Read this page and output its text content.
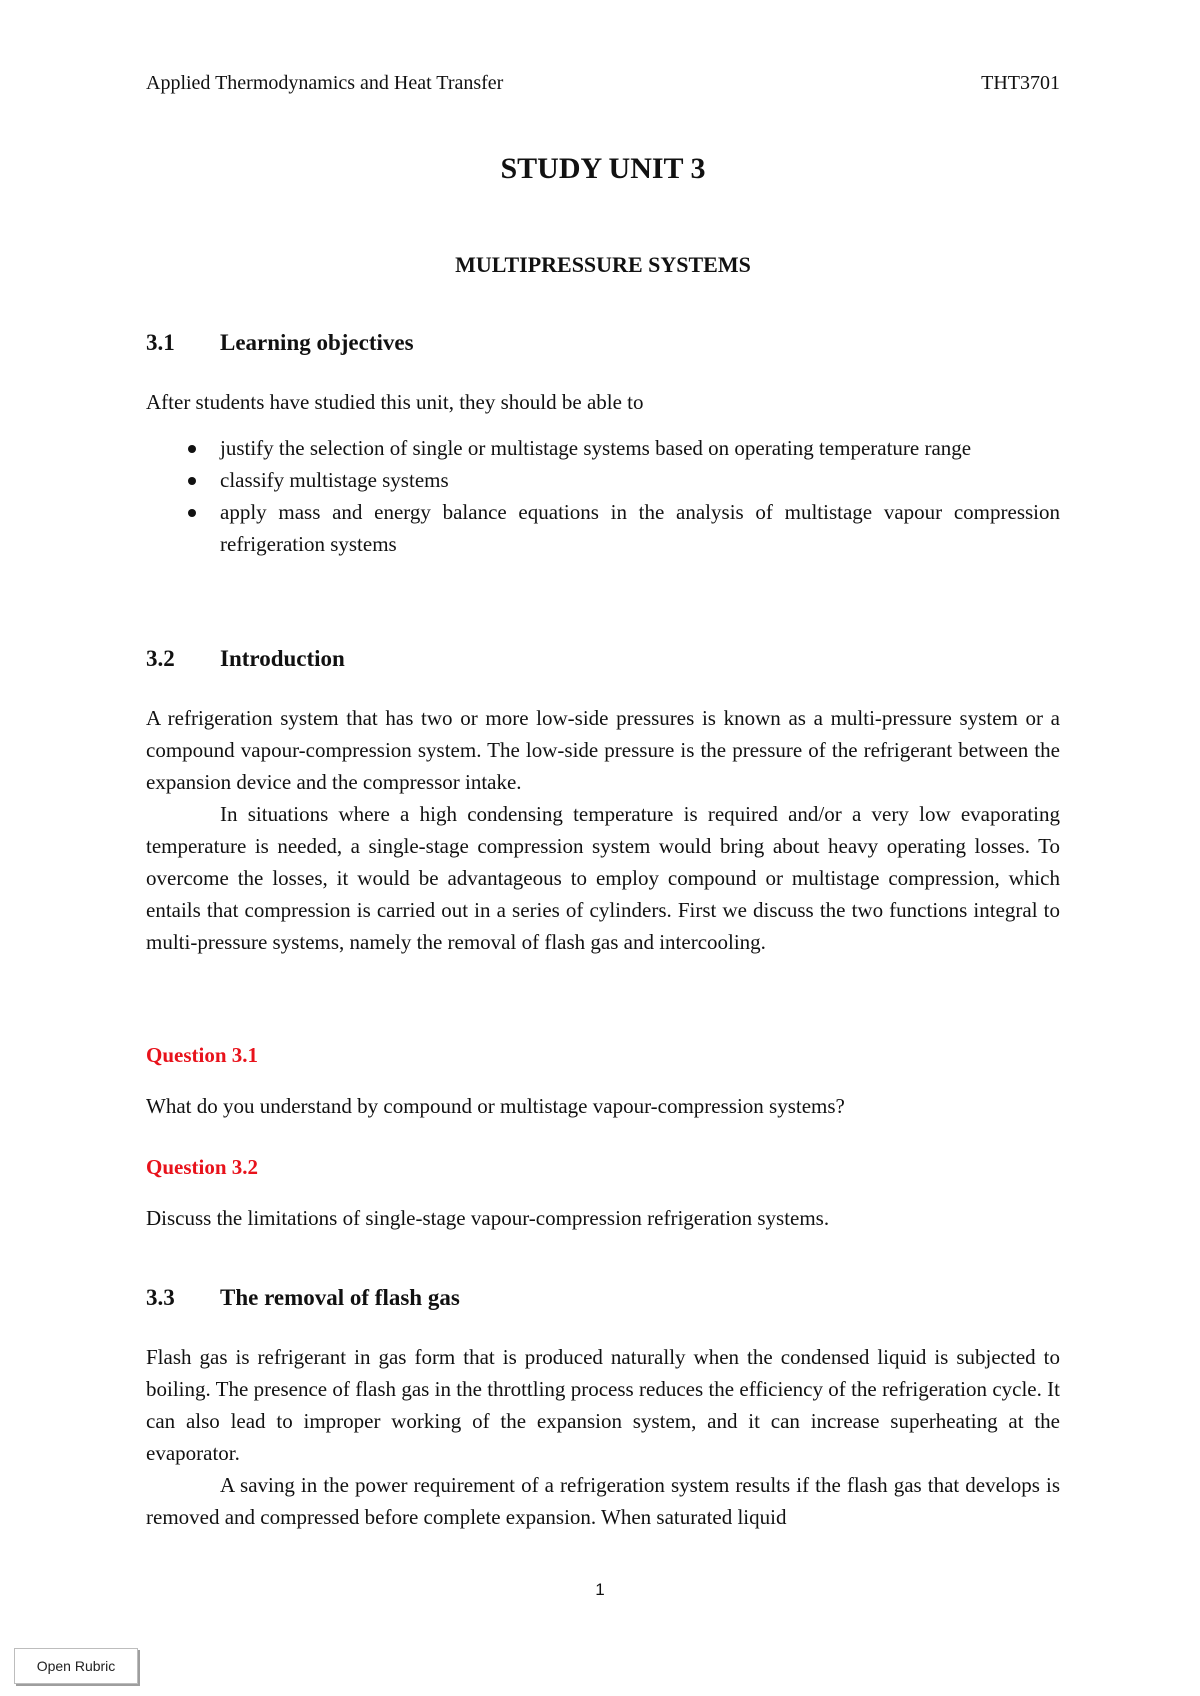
Applied Thermodynamics and Heat Transfer	THT3701
STUDY UNIT 3
MULTIPRESSURE SYSTEMS
3.1 Learning objectives

After students have studied this unit, they should be able to

justify the selection of single or multistage systems based on operating temperature range
classify multistage systems
apply mass and energy balance equations in the analysis of multistage vapour compression refrigeration systems
3.2 Introduction

A refrigeration system that has two or more low-side pressures is known as a multi-pressure system or a compound vapour-compression system. The low-side pressure is the pressure of the refrigerant between the expansion device and the compressor intake.

In situations where a high condensing temperature is required and/or a very low evaporating temperature is needed, a single-stage compression system would bring about heavy operating losses. To overcome the losses, it would be advantageous to employ compound or multistage compression, which entails that compression is carried out in a series of cylinders. First we discuss the two functions integral to multi-pressure systems, namely the removal of flash gas and intercooling.

Question 3.1

What do you understand by compound or multistage vapour-compression systems?

Question 3.2

Discuss the limitations of single-stage vapour-compression refrigeration systems.

3.3 The removal of flash gas

Flash gas is refrigerant in gas form that is produced naturally when the condensed liquid is subjected to boiling. The presence of flash gas in the throttling process reduces the efficiency of the refrigeration cycle. It can also lead to improper working of the expansion system, and it can increase superheating at the evaporator.

A saving in the power requirement of a refrigeration system results if the flash gas that develops is removed and compressed before complete expansion. When saturated liquid

1
Open Rubric
